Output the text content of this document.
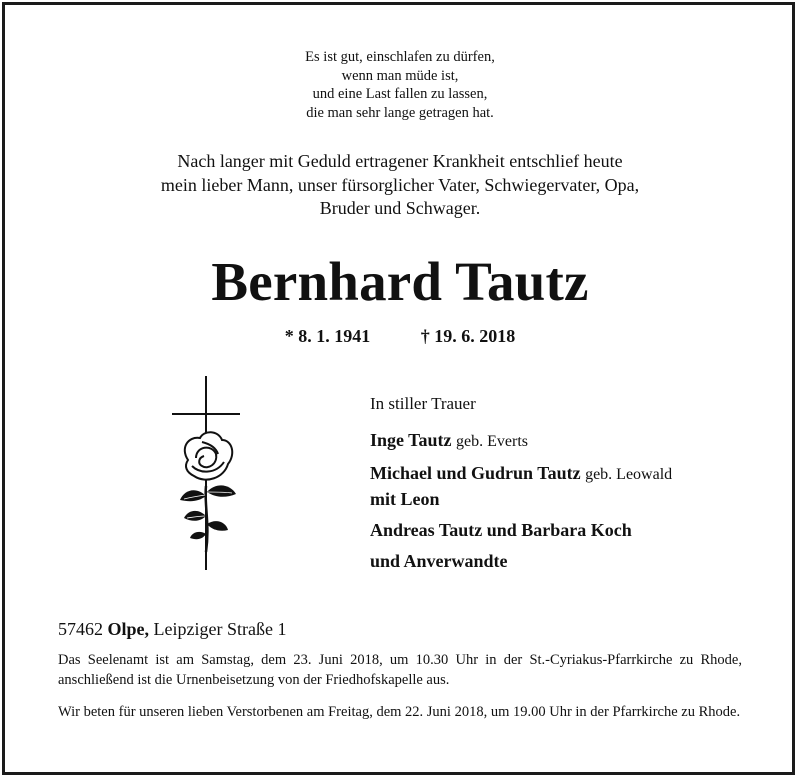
Es ist gut, einschlafen zu dürfen,
wenn man müde ist,
und eine Last fallen zu lassen,
die man sehr lange getragen hat.
Nach langer mit Geduld ertragener Krankheit entschlief heute
mein lieber Mann, unser fürsorglicher Vater, Schwiegervater, Opa,
Bruder und Schwager.
Bernhard Tautz
* 8. 1. 1941	† 19. 6. 2018
In stiller Trauer
Inge Tautz geb. Everts
Michael und Gudrun Tautz geb. Leowald
mit Leon
Andreas Tautz und Barbara Koch
und Anverwandte
57462 Olpe, Leipziger Straße 1
Das Seelenamt ist am Samstag, dem 23. Juni 2018, um 10.30 Uhr in der St.-Cyriakus-Pfarrkirche zu Rhode, anschließend ist die Urnenbeisetzung von der Friedhofskapelle aus.
Wir beten für unseren lieben Verstorbenen am Freitag, dem 22. Juni 2018, um 19.00 Uhr in der Pfarrkirche zu Rhode.
